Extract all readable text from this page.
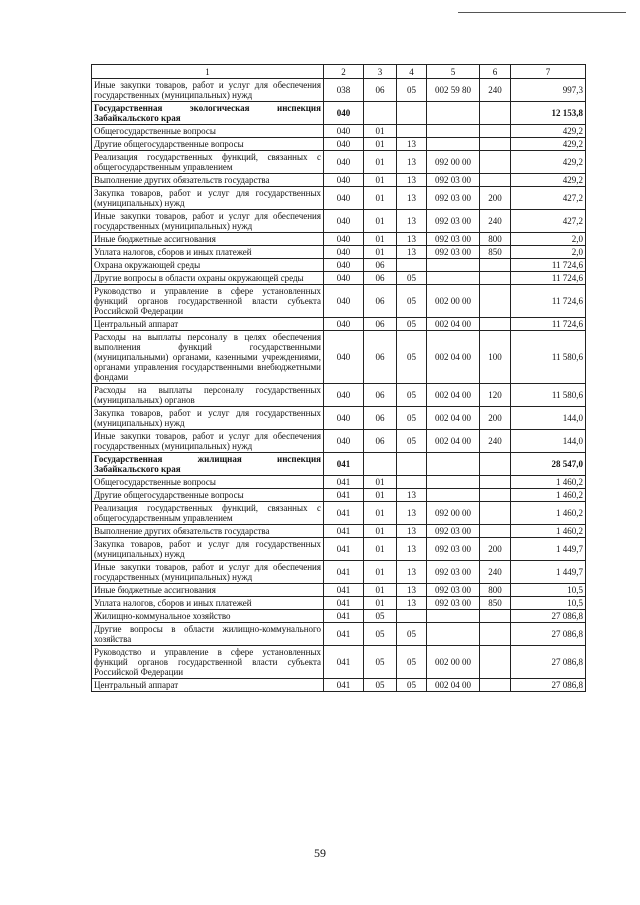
1	2	3	4	5	6	7
Иные закупки товаров, работ и услуг для обеспечения государственных (муниципальных) нужд	038	06	05	002 59 80	240	997,3
Государственная экологическая инспекция Забайкальского края	040					12 153,8
Общегосударственные вопросы	040	01				429,2
Другие общегосударственные вопросы	040	01	13			429,2
Реализация государственных функций, связанных с общегосударственным управлением	040	01	13	092 00 00		429,2
Выполнение других обязательств государства	040	01	13	092 03 00		429,2
Закупка товаров, работ и услуг для государственных (муниципальных) нужд	040	01	13	092 03 00	200	427,2
Иные закупки товаров, работ и услуг для обеспечения государственных (муниципальных) нужд	040	01	13	092 03 00	240	427,2
Иные бюджетные ассигнования	040	01	13	092 03 00	800	2,0
Уплата налогов, сборов и иных платежей	040	01	13	092 03 00	850	2,0
Охрана окружающей среды	040	06				11 724,6
Другие вопросы в области охраны окружающей среды	040	06	05			11 724,6
Руководство и управление в сфере установленных функций органов государственной власти субъекта Российской Федерации	040	06	05	002 00 00		11 724,6
Центральный аппарат	040	06	05	002 04 00		11 724,6
Расходы на выплаты персоналу в целях обеспечения выполнения функций государственными (муниципальными) органами, казенными учреждениями, органами управления государственными внебюджетными фондами	040	06	05	002 04 00	100	11 580,6
Расходы на выплаты персоналу государственных (муниципальных) органов	040	06	05	002 04 00	120	11 580,6
Закупка товаров, работ и услуг для государственных (муниципальных) нужд	040	06	05	002 04 00	200	144,0
Иные закупки товаров, работ и услуг для обеспечения государственных (муниципальных) нужд	040	06	05	002 04 00	240	144,0
Государственная жилищная инспекция Забайкальского края	041					28 547,0
Общегосударственные вопросы	041	01				1 460,2
Другие общегосударственные вопросы	041	01	13			1 460,2
Реализация государственных функций, связанных с общегосударственным управлением	041	01	13	092 00 00		1 460,2
Выполнение других обязательств государства	041	01	13	092 03 00		1 460,2
Закупка товаров, работ и услуг для государственных (муниципальных) нужд	041	01	13	092 03 00	200	1 449,7
Иные закупки товаров, работ и услуг для обеспечения государственных (муниципальных) нужд	041	01	13	092 03 00	240	1 449,7
Иные бюджетные ассигнования	041	01	13	092 03 00	800	10,5
Уплата налогов, сборов и иных платежей	041	01	13	092 03 00	850	10,5
Жилищно-коммунальное хозяйство	041	05				27 086,8
Другие вопросы в области жилищно-коммунального хозяйства	041	05	05			27 086,8
Руководство и управление в сфере установленных функций органов государственной власти субъекта Российской Федерации	041	05	05	002 00 00		27 086,8
Центральный аппарат	041	05	05	002 04 00		27 086,8
59
